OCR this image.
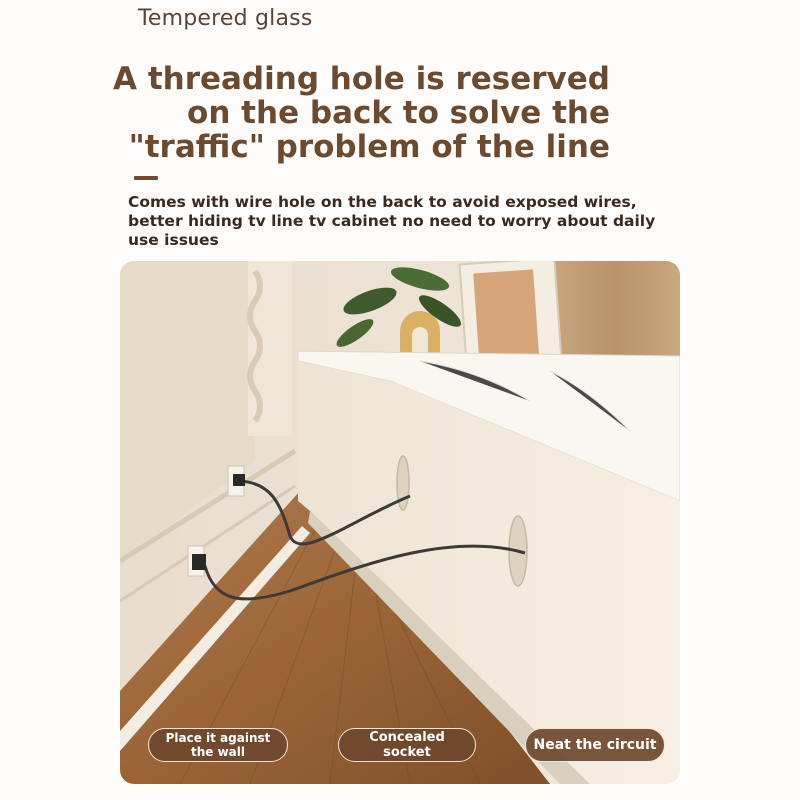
Tempered glass
A threading hole is reserved
on the back to solve the
"traffic" problem of the line
Comes with wire hole on the back to avoid exposed wires, better hiding tv line tv cabinet no need to worry about daily use issues
Place it against the wall
Concealed socket	Neat the circuit
